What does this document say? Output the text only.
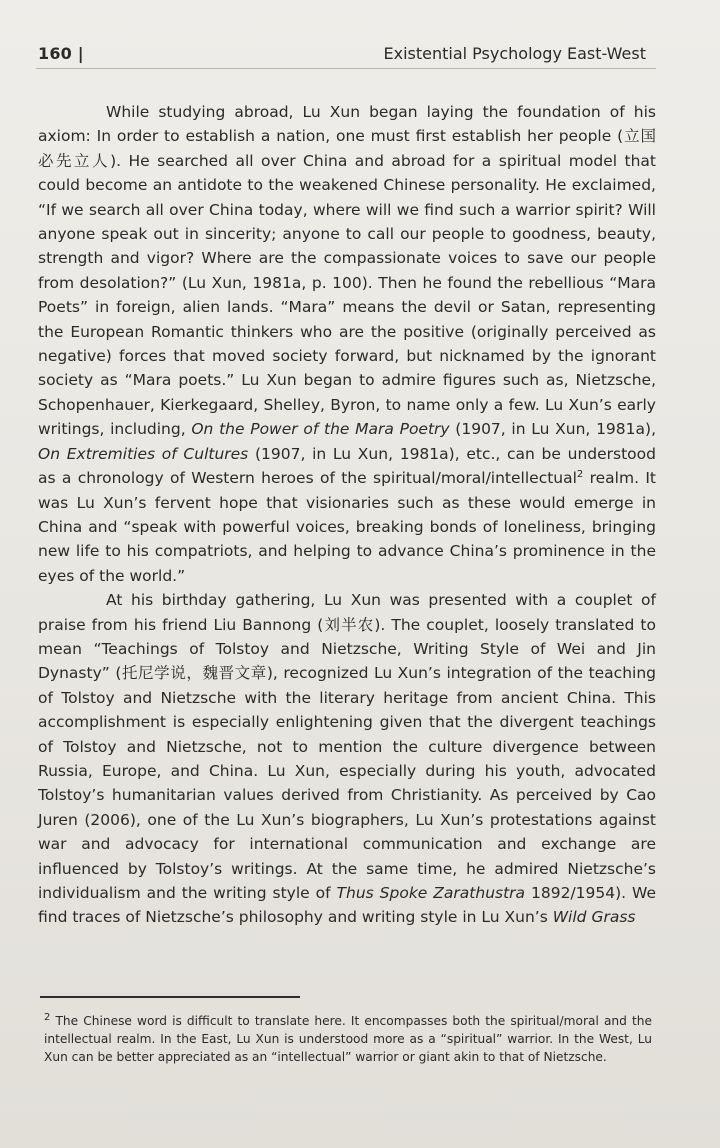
160 |	Existential Psychology East-West

While studying abroad, Lu Xun began laying the foundation of his axiom: In order to establish a nation, one must first establish her people (立国必先立人). He searched all over China and abroad for a spiritual model that could become an antidote to the weakened Chinese personality. He exclaimed, “If we search all over China today, where will we find such a warrior spirit? Will anyone speak out in sincerity; anyone to call our people to goodness, beauty, strength and vigor? Where are the compassionate voices to save our people from desolation?” (Lu Xun, 1981a, p. 100). Then he found the rebellious “Mara Poets” in foreign, alien lands. “Mara” means the devil or Satan, representing the European Romantic thinkers who are the positive (originally perceived as negative) forces that moved society forward, but nicknamed by the ignorant society as “Mara poets.” Lu Xun began to admire figures such as, Nietzsche, Schopenhauer, Kierkegaard, Shelley, Byron, to name only a few. Lu Xun’s early writings, including, On the Power of the Mara Poetry (1907, in Lu Xun, 1981a), On Extremities of Cultures (1907, in Lu Xun, 1981a), etc., can be understood as a chronology of Western heroes of the spiritual/moral/intellectual$^2$ realm. It was Lu Xun’s fervent hope that visionaries such as these would emerge in China and “speak with powerful voices, breaking bonds of loneliness, bringing new life to his compatriots, and helping to advance China’s prominence in the eyes of the world.”

At his birthday gathering, Lu Xun was presented with a couplet of praise from his friend Liu Bannong (刘半农). The couplet, loosely translated to mean “Teachings of Tolstoy and Nietzsche, Writing Style of Wei and Jin Dynasty” (托尼学说，魏晋文章), recognized Lu Xun’s integration of the teaching of Tolstoy and Nietzsche with the literary heritage from ancient China. This accomplishment is especially enlightening given that the divergent teachings of Tolstoy and Nietzsche, not to mention the culture divergence between Russia, Europe, and China. Lu Xun, especially during his youth, advocated Tolstoy’s humanitarian values derived from Christianity. As perceived by Cao Juren (2006), one of the Lu Xun’s biographers, Lu Xun’s protestations against war and advocacy for international communication and exchange are influenced by Tolstoy’s writings. At the same time, he admired Nietzsche’s individualism and the writing style of Thus Spoke Zarathustra 1892/1954). We find traces of Nietzsche’s philosophy and writing style in Lu Xun’s Wild Grass

$^2$ The Chinese word is difficult to translate here. It encompasses both the spiritual/moral and the intellectual realm. In the East, Lu Xun is understood more as a “spiritual” warrior. In the West, Lu Xun can be better appreciated as an “intellectual” warrior or giant akin to that of Nietzsche.
